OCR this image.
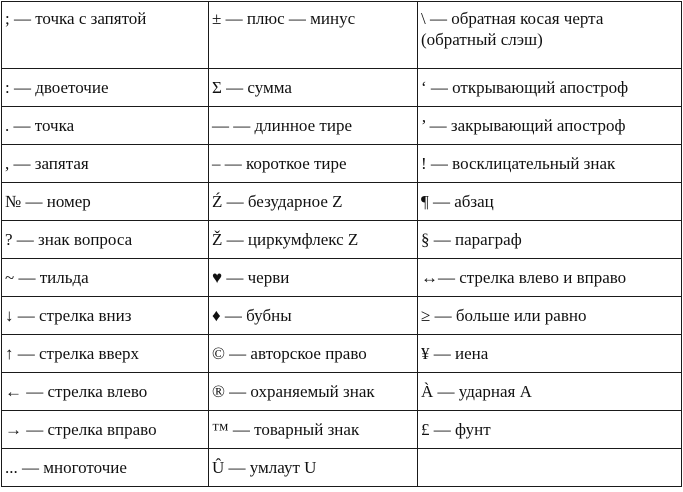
; — точка с запятой	± — плюс — минус	\ — обратная косая черта (обратный слэш)
: — двоеточие	Σ — сумма	‘ — открывающий апостроф
. — точка	— — длинное тире	’ — закрывающий апостроф
, — запятая	– — короткое тире	! — восклицательный знак
№ — номер	Ź — безударное Z	¶ — абзац
? — знак вопроса	Ž — циркумфлекс Z	§ — параграф
~ — тильда	♥ — черви	↔— стрелка влево и вправо
↓ — стрелка вниз	♦ — бубны	≥ — больше или равно
↑ — стрелка вверх	© — авторское право	¥ — иена
← — стрелка влево	® — охраняемый знак	À — ударная A
→ — стрелка вправо	™ — товарный знак	£ — фунт
... — многоточие	Û — умлаут U	
